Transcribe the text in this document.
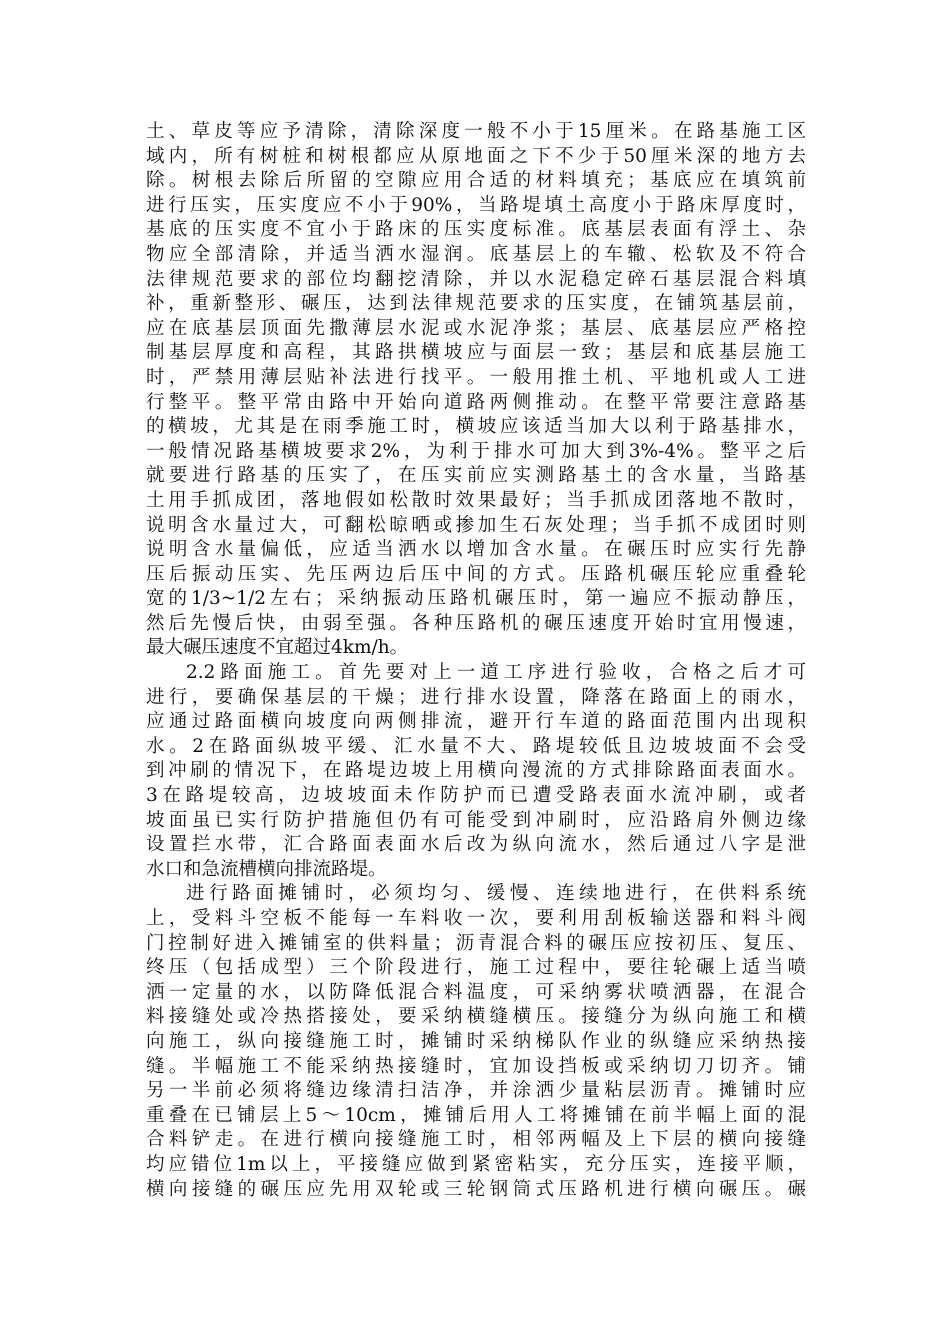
土、草皮等应予清除，清除深度一般不小于15厘米。在路基施工区
域内，所有树桩和树根都应从原地面之下不少于50厘米深的地方去
除。树根去除后所留的空隙应用合适的材料填充；基底应在填筑前
进行压实，压实度应不小于90%，当路堤填土高度小于路床厚度时，
基底的压实度不宜小于路床的压实度标准。底基层表面有浮土、杂
物应全部清除，并适当洒水湿润。底基层上的车辙、松软及不符合
法律规范要求的部位均翻挖清除，并以水泥稳定碎石基层混合料填
补，重新整形、碾压，达到法律规范要求的压实度，在铺筑基层前，
应在底基层顶面先撒薄层水泥或水泥净浆；基层、底基层应严格控
制基层厚度和高程，其路拱横坡应与面层一致；基层和底基层施工
时，严禁用薄层贴补法进行找平。一般用推土机、平地机或人工进
行整平。整平常由路中开始向道路两侧推动。在整平常要注意路基
的横坡，尤其是在雨季施工时，横坡应该适当加大以利于路基排水，
一般情况路基横坡要求2%，为利于排水可加大到3%-4%。整平之后
就要进行路基的压实了，在压实前应实测路基土的含水量，当路基
土用手抓成团，落地假如松散时效果最好；当手抓成团落地不散时，
说明含水量过大，可翻松晾晒或掺加生石灰处理；当手抓不成团时则
说明含水量偏低，应适当洒水以增加含水量。在碾压时应实行先静
压后振动压实、先压两边后压中间的方式。压路机碾压轮应重叠轮
宽的1/3~1/2左右；采纳振动压路机碾压时，第一遍应不振动静压，
然后先慢后快，由弱至强。各种压路机的碾压速度开始时宜用慢速，
最大碾压速度不宜超过4km/h。
2.2路面施工。首先要对上一道工序进行验收，合格之后才可
进行，要确保基层的干燥；进行排水设置，降落在路面上的雨水，
应通过路面横向坡度向两侧排流，避开行车道的路面范围内出现积
水。2在路面纵坡平缓、汇水量不大、路堤较低且边坡坡面不会受
到冲刷的情况下，在路堤边坡上用横向漫流的方式排除路面表面水。
3在路堤较高，边坡坡面未作防护而已遭受路表面水流冲刷，或者
坡面虽已实行防护措施但仍有可能受到冲刷时，应沿路肩外侧边缘
设置拦水带，汇合路面表面水后改为纵向流水，然后通过八字是泄
水口和急流槽横向排流路堤。
进行路面摊铺时，必须均匀、缓慢、连续地进行，在供料系统
上，受料斗空板不能每一车料收一次，要利用刮板输送器和料斗阀
门控制好进入摊铺室的供料量；沥青混合料的碾压应按初压、复压、
终压（包括成型）三个阶段进行，施工过程中，要往轮碾上适当喷
洒一定量的水，以防降低混合料温度，可采纳雾状喷洒器，在混合
料接缝处或冷热搭接处，要采纳横缝横压。接缝分为纵向施工和横
向施工，纵向接缝施工时，摊铺时采纳梯队作业的纵缝应采纳热接
缝。半幅施工不能采纳热接缝时，宜加设挡板或采纳切刀切齐。铺
另一半前必须将缝边缘清扫洁净，并涂洒少量粘层沥青。摊铺时应
重叠在已铺层上5～10cm，摊铺后用人工将摊铺在前半幅上面的混
合料铲走。在进行横向接缝施工时，相邻两幅及上下层的横向接缝
均应错位1m以上，平接缝应做到紧密粘实，充分压实，连接平顺，
横向接缝的碾压应先用双轮或三轮钢筒式压路机进行横向碾压。碾
